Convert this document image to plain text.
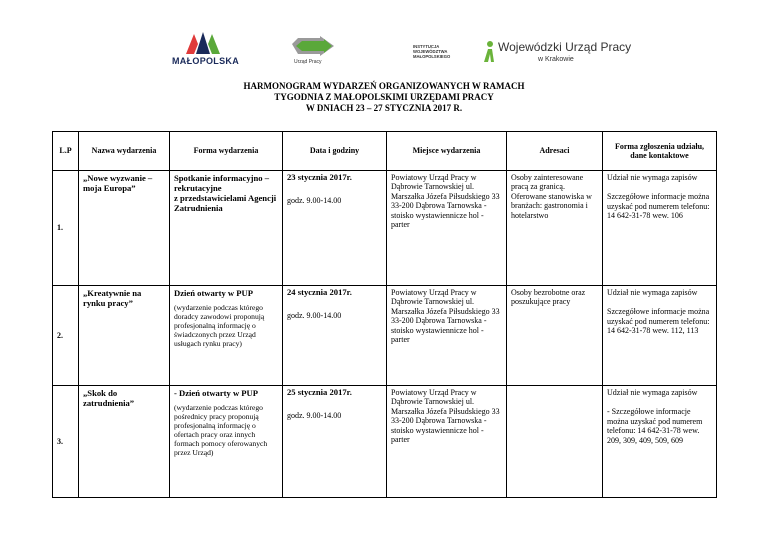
MAŁOPOLSKA	Urząd Pracy
INSTYTUCJA
WOJEWÓDZTWA
MAŁOPOLSKIEGO
Wojewódzki Urząd Pracy
w Krakowie
HARMONOGRAM WYDARZEŃ ORGANIZOWANYCH W RAMACH
TYGODNIA Z MAŁOPOLSKIMI URZĘDAMI PRACY
W DNIACH 23 – 27 STYCZNIA 2017 R.
L.P	Nazwa wydarzenia	Forma wydarzenia	Data i godziny	Miejsce wydarzenia	Adresaci	Forma zgłoszenia udziału, dane kontaktowe
1.	„Nowe wyzwanie – moja Europa”	Spotkanie informacyjno – rekrutacyjne
z przedstawicielami Agencji Zatrudnienia	23 stycznia 2017r.
godz. 9.00-14.00	Powiatowy Urząd Pracy w Dąbrowie Tarnowskiej ul. Marszałka Józefa Piłsudskiego 33 33-200 Dąbrowa Tarnowska - stoisko wystawiennicze hol - parter	Osoby zainteresowane pracą za granicą. Oferowane stanowiska w branżach: gastronomia i hotelarstwo	Udział nie wymaga zapisów
Szczegółowe informacje można uzyskać pod numerem telefonu: 14 642-31-78 wew. 106

2.	„Kreatywnie na rynku pracy”	Dzień otwarty w PUP
(wydarzenie podczas którego doradcy zawodowi proponują profesjonalną informację o świadczonych przez Urząd usługach rynku pracy)	24 stycznia 2017r.
godz. 9.00-14.00	Powiatowy Urząd Pracy w Dąbrowie Tarnowskiej ul. Marszałka Józefa Piłsudskiego 33 33-200 Dąbrowa Tarnowska - stoisko wystawiennicze hol - parter	Osoby bezrobotne oraz poszukujące pracy	Udział nie wymaga zapisów
Szczegółowe informacje można uzyskać pod numerem telefonu: 14 642-31-78 wew. 112, 113

3.	„Skok do zatrudnienia”	- Dzień otwarty w PUP
(wydarzenie podczas którego pośrednicy pracy proponują profesjonalną informację o ofertach pracy oraz innych formach pomocy oferowanych przez Urząd)	25 stycznia 2017r.
godz. 9.00-14.00	Powiatowy Urząd Pracy w Dąbrowie Tarnowskiej ul. Marszałka Józefa Piłsudskiego 33 33-200 Dąbrowa Tarnowska - stoisko wystawiennicze hol - parter		Udział nie wymaga zapisów
- Szczegółowe informacje można uzyskać pod numerem telefonu: 14 642-31-78 wew. 209, 309, 409, 509, 609
